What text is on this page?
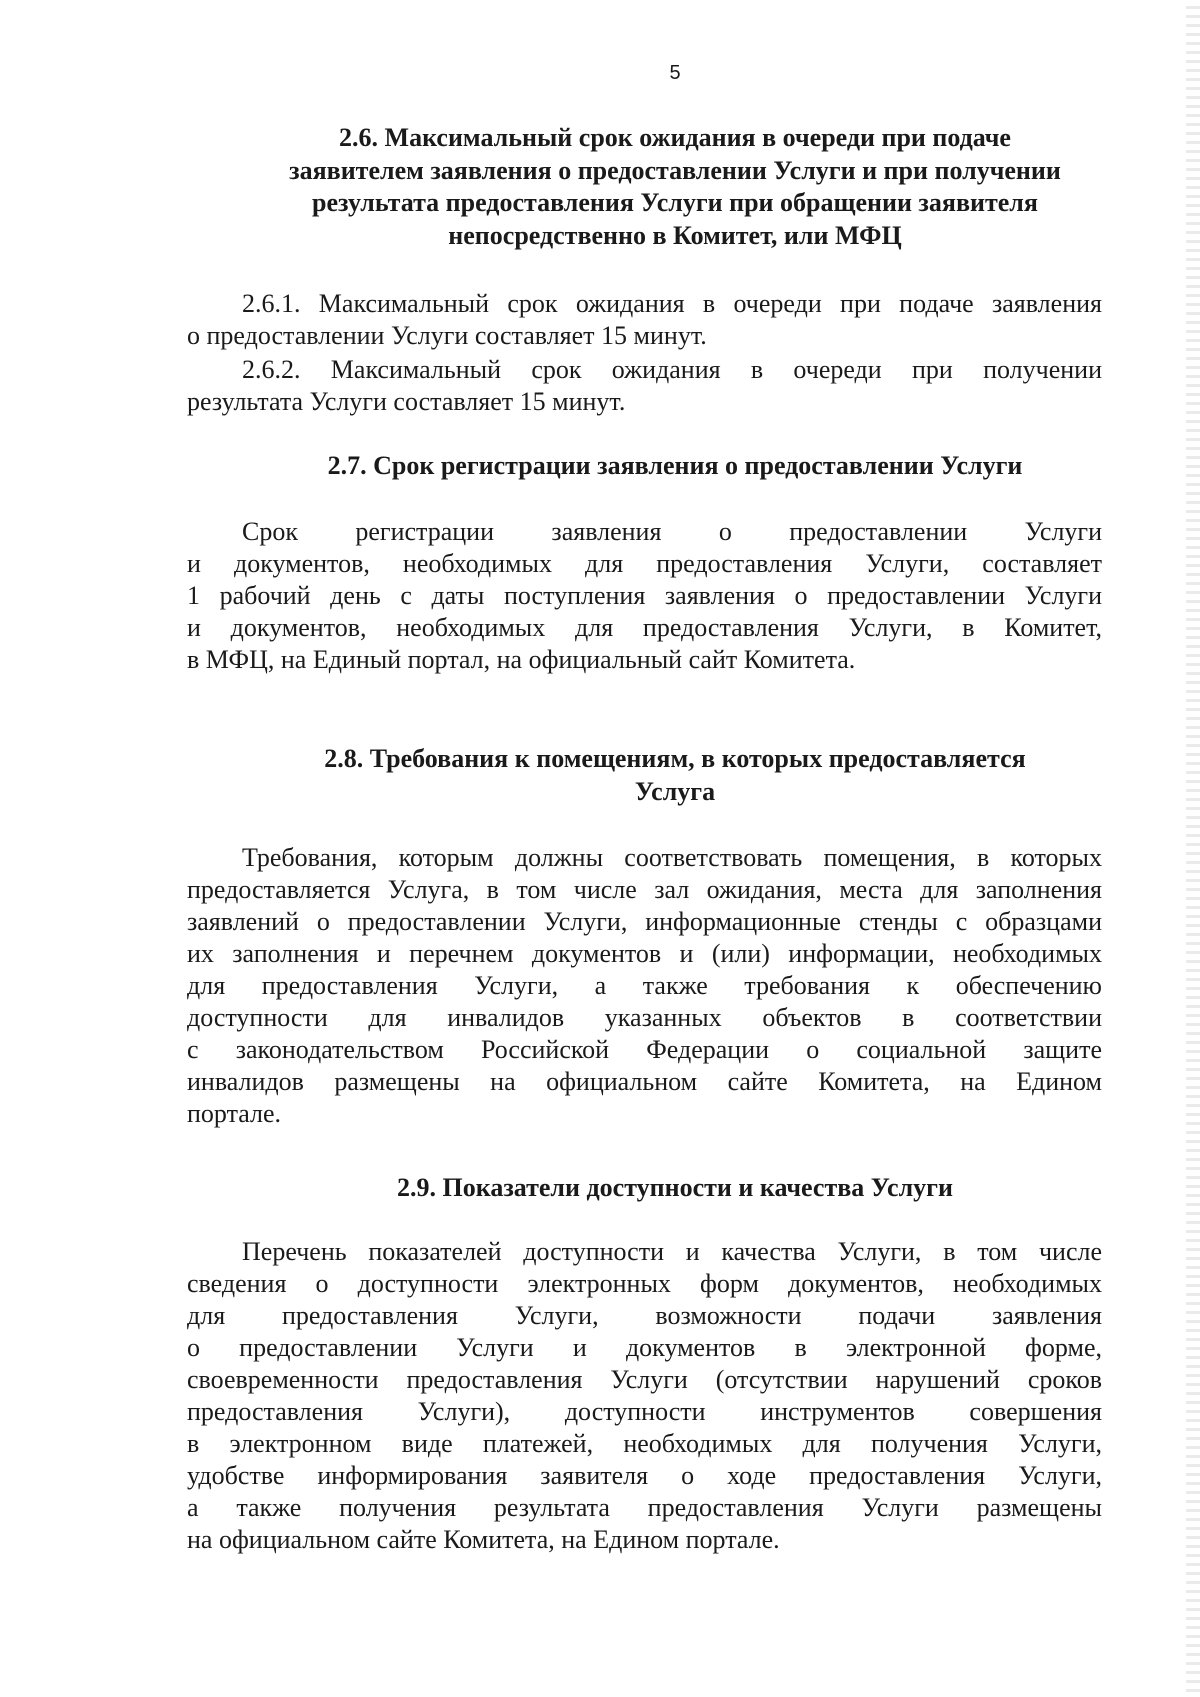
5
2.6. Максимальный срок ожидания в очереди при подаче
заявителем заявления о предоставлении Услуги и при получении
результата предоставления Услуги при обращении заявителя
непосредственно в Комитет, или МФЦ
2.6.1. Максимальный срок ожидания в очереди при подаче заявления
о предоставлении Услуги составляет 15 минут.
2.6.2. Максимальный срок ожидания в очереди при получении
результата Услуги составляет 15 минут.
2.7. Срок регистрации заявления о предоставлении Услуги
Срок регистрации заявления о предоставлении Услуги
и документов, необходимых для предоставления Услуги, составляет
1 рабочий день с даты поступления заявления о предоставлении Услуги
и документов, необходимых для предоставления Услуги, в Комитет,
в МФЦ, на Единый портал, на официальный сайт Комитета.
2.8. Требования к помещениям, в которых предоставляется
Услуга
Требования, которым должны соответствовать помещения, в которых
предоставляется Услуга, в том числе зал ожидания, места для заполнения
заявлений о предоставлении Услуги, информационные стенды с образцами
их заполнения и перечнем документов и (или) информации, необходимых
для предоставления Услуги, а также требования к обеспечению
доступности для инвалидов указанных объектов в соответствии
с законодательством Российской Федерации о социальной защите
инвалидов размещены на официальном сайте Комитета, на Едином
портале.
2.9. Показатели доступности и качества Услуги
Перечень показателей доступности и качества Услуги, в том числе
сведения о доступности электронных форм документов, необходимых
для предоставления Услуги, возможности подачи заявления
о предоставлении Услуги и документов в электронной форме,
своевременности предоставления Услуги (отсутствии нарушений сроков
предоставления Услуги), доступности инструментов совершения
в электронном виде платежей, необходимых для получения Услуги,
удобстве информирования заявителя о ходе предоставления Услуги,
а также получения результата предоставления Услуги размещены
на официальном сайте Комитета, на Едином портале.
